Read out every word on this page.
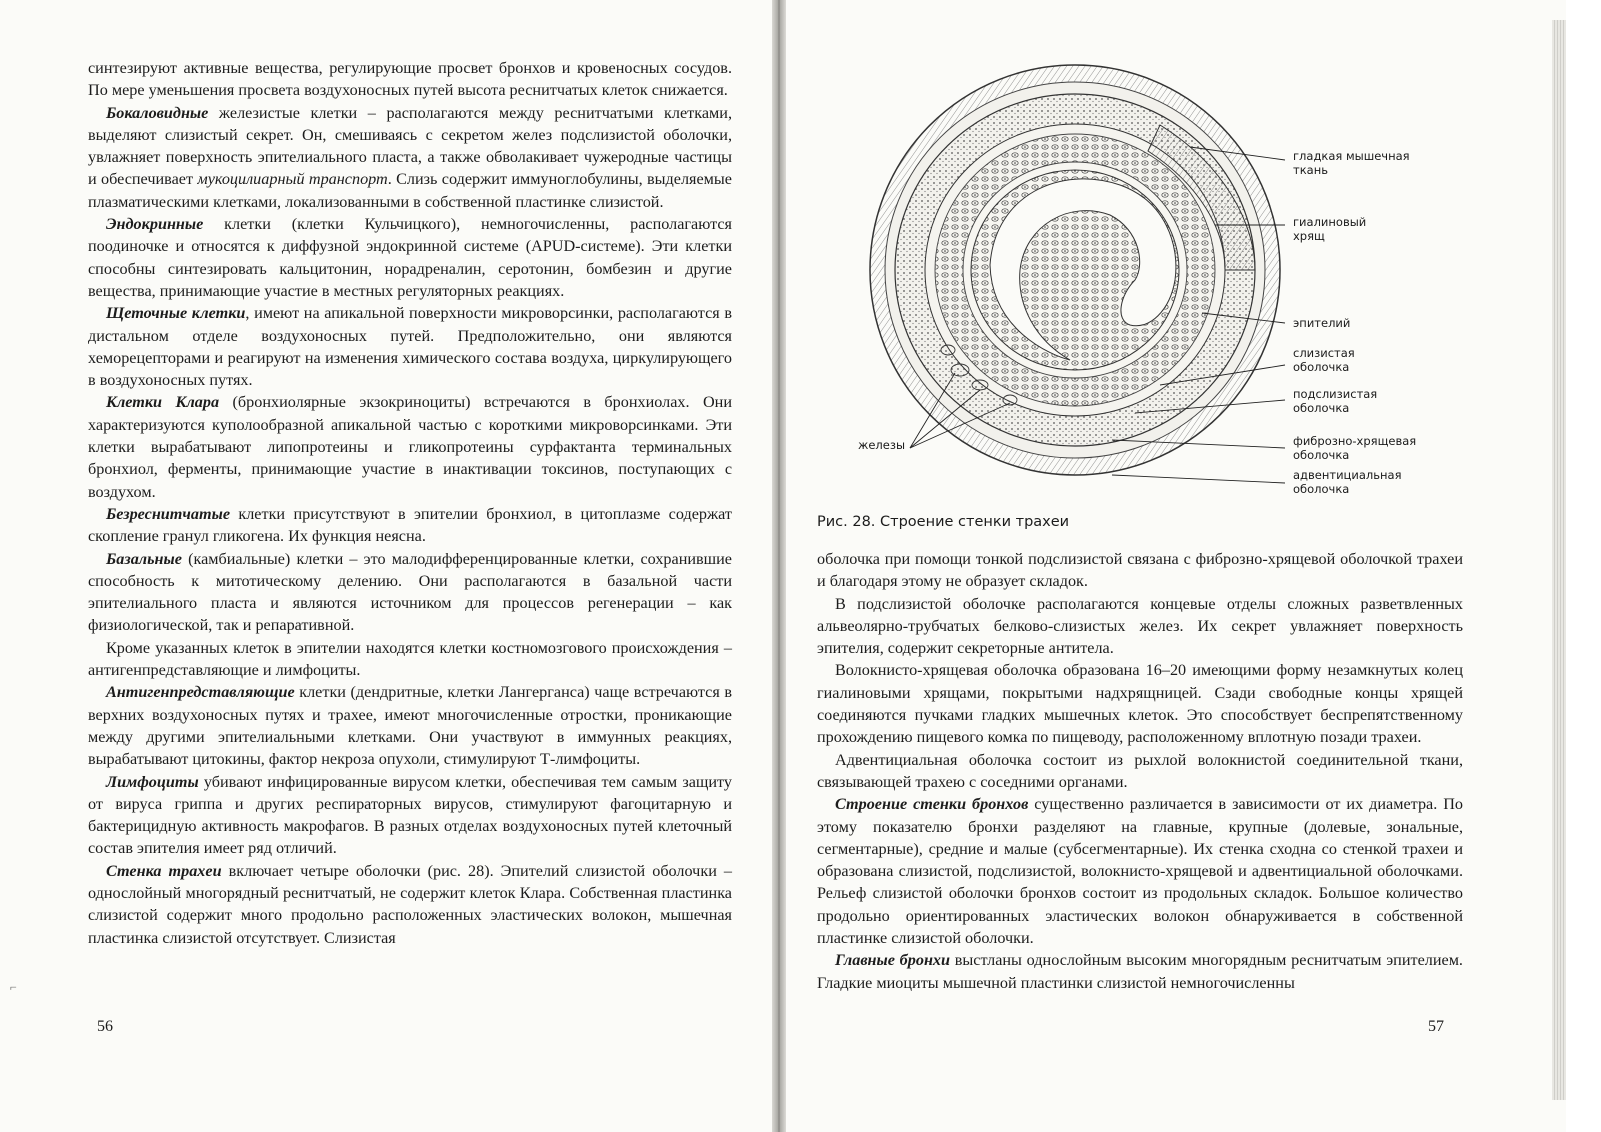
синтезируют активные вещества, регулирующие просвет бронхов и кровеносных сосудов. По мере уменьшения просвета воздухоносных путей высота реснитчатых клеток снижается.

Бокаловидные железистые клетки – располагаются между реснитчатыми клетками, выделяют слизистый секрет. Он, смешиваясь с секретом желез подслизистой оболочки, увлажняет поверхность эпителиального пласта, а также обволакивает чужеродные частицы и обеспечивает мукоцилиарный транспорт. Слизь содержит иммуноглобулины, выделяемые плазматическими клетками, локализованными в собственной пластинке слизистой.

Эндокринные клетки (клетки Кульчицкого), немногочисленны, располагаются поодиночке и относятся к диффузной эндокринной системе (APUD-системе). Эти клетки способны синтезировать кальцитонин, норадреналин, серотонин, бомбезин и другие вещества, принимающие участие в местных регуляторных реакциях.

Щеточные клетки, имеют на апикальной поверхности микроворсинки, располагаются в дистальном отделе воздухоносных путей. Предположительно, они являются хеморецепторами и реагируют на изменения химического состава воздуха, циркулирующего в воздухоносных путях.

Клетки Клара (бронхиолярные экзокриноциты) встречаются в бронхиолах. Они характеризуются куполообразной апикальной частью с короткими микроворсинками. Эти клетки вырабатывают липопротеины и гликопротеины сурфактанта терминальных бронхиол, ферменты, принимающие участие в инактивации токсинов, поступающих с воздухом.

Безреснитчатые клетки присутствуют в эпителии бронхиол, в цитоплазме содержат скопление гранул гликогена. Их функция неясна.

Базальные (камбиальные) клетки – это малодифференцированные клетки, сохранившие способность к митотическому делению. Они располагаются в базальной части эпителиального пласта и являются источником для процессов регенерации – как физиологической, так и репаративной.

Кроме указанных клеток в эпителии находятся клетки костномозгового происхождения – антигенпредставляющие и лимфоциты.

Антигенпредставляющие клетки (дендритные, клетки Лангерганса) чаще встречаются в верхних воздухоносных путях и трахее, имеют многочисленные отростки, проникающие между другими эпителиальными клетками. Они участвуют в иммунных реакциях, вырабатывают цитокины, фактор некроза опухоли, стимулируют Т-лимфоциты.

Лимфоциты убивают инфицированные вирусом клетки, обеспечивая тем самым защиту от вируса гриппа и других респираторных вирусов, стимулируют фагоцитарную и бактерицидную активность макрофагов. В разных отделах воздухоносных путей клеточный состав эпителия имеет ряд отличий.

Стенка трахеи включает четыре оболочки (рис. 28). Эпителий слизистой оболочки – однослойный многорядный реснитчатый, не содержит клеток Клара. Собственная пластинка слизистой содержит много продольно расположенных эластических волокон, мышечная пластинка слизистой отсутствует. Слизистая

56
⌐
гладкая мышечная
ткань
гиалиновый
хрящ
эпителий
слизистая
оболочка
подслизистая
оболочка
железы	фиброзно-хрящевая
оболочка
адвентициальная
оболочка
Рис. 28. Строение стенки трахеи

оболочка при помощи тонкой подслизистой связана с фиброзно-хрящевой оболочкой трахеи и благодаря этому не образует складок.

В подслизистой оболочке располагаются концевые отделы сложных разветвленных альвеолярно-трубчатых белково-слизистых желез. Их секрет увлажняет поверхность эпителия, содержит секреторные антитела.

Волокнисто-хрящевая оболочка образована 16–20 имеющими форму незамкнутых колец гиалиновыми хрящами, покрытыми надхрящницей. Сзади свободные концы хрящей соединяются пучками гладких мышечных клеток. Это способствует беспрепятственному прохождению пищевого комка по пищеводу, расположенному вплотную позади трахеи.

Адвентициальная оболочка состоит из рыхлой волокнистой соединительной ткани, связывающей трахею с соседними органами.

Строение стенки бронхов существенно различается в зависимости от их диаметра. По этому показателю бронхи разделяют на главные, крупные (долевые, зональные, сегментарные), средние и малые (субсегментарные). Их стенка сходна со стенкой трахеи и образована слизистой, подслизистой, волокнисто-хрящевой и адвентициальной оболочками. Рельеф слизистой оболочки бронхов состоит из продольных складок. Большое количество продольно ориентированных эластических волокон обнаруживается в собственной пластинке слизистой оболочки.

Главные бронхи выстланы однослойным высоким многорядным реснитчатым эпителием. Гладкие миоциты мышечной пластинки слизистой немногочисленны

57
